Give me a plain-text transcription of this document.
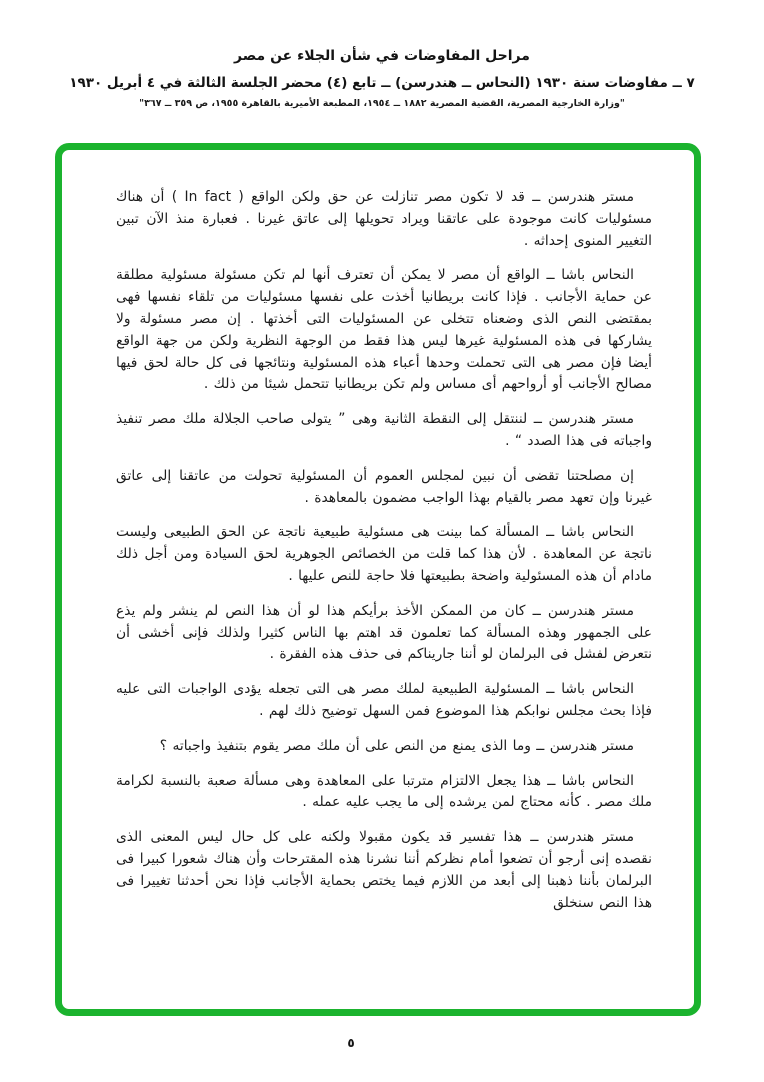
مراحل المفاوضات في شأن الجلاء عن مصر
٧ ــ مفاوضات سنة ١٩٣٠ (النحاس ــ هندرسن) ــ تابع (٤) محضر الجلسة الثالثة في ٤ أبريل ١٩٣٠
"وزارة الخارجية المصرية، القضية المصرية ١٨٨٢ ــ ١٩٥٤، المطبعة الأميرية بالقاهرة ١٩٥٥، ص ٣٥٩ ــ ٣٦٧"

مستر هندرسن ــ قد لا تكون مصر تنازلت عن حق ولكن الواقع ( In fact ) أن هناك مسئوليات كانت موجودة على عاتقنا ويراد تحويلها إلى عاتق غيرنا . فعبارة منذ الآن تبين التغيير المنوى إحداثه .

النحاس باشا ــ الواقع أن مصر لا يمكن أن تعترف أنها لم تكن مسئولة مسئولية مطلقة عن حماية الأجانب . فإذا كانت بريطانيا أخذت على نفسها مسئوليات من تلقاء نفسها فهى بمقتضى النص الذى وضعناه تتخلى عن المسئوليات التى أخذتها . إن مصر مسئولة ولا يشاركها فى هذه المسئولية غيرها ليس هذا فقط من الوجهة النظرية ولكن من جهة الواقع أيضا فإن مصر هى التى تحملت وحدها أعباء هذه المسئولية ونتائجها فى كل حالة لحق فيها مصالح الأجانب أو أرواحهم أى مساس ولم تكن بريطانيا تتحمل شيئا من ذلك .

مستر هندرسن ــ لننتقل إلى النقطة الثانية وهى ” يتولى صاحب الجلالة ملك مصر تنفيذ واجباته فى هذا الصدد “ .

إن مصلحتنا تقضى أن نبين لمجلس العموم أن المسئولية تحولت من عاتقنا إلى عاتق غيرنا وإن تعهد مصر بالقيام بهذا الواجب مضمون بالمعاهدة .

النحاس باشا ــ المسألة كما بينت هى مسئولية طبيعية ناتجة عن الحق الطبيعى وليست ناتجة عن المعاهدة . لأن هذا كما قلت من الخصائص الجوهرية لحق السيادة ومن أجل ذلك مادام أن هذه المسئولية واضحة بطبيعتها فلا حاجة للنص عليها .

مستر هندرسن ــ كان من الممكن الأخذ برأيكم هذا لو أن هذا النص لم ينشر ولم يذع على الجمهور وهذه المسألة كما تعلمون قد اهتم بها الناس كثيرا ولذلك فإنى أخشى أن نتعرض لفشل فى البرلمان لو أننا جاريناكم فى حذف هذه الفقرة .

النحاس باشا ــ المسئولية الطبيعية لملك مصر هى التى تجعله يؤدى الواجبات التى عليه فإذا بحث مجلس نوابكم هذا الموضوع فمن السهل توضيح ذلك لهم .

مستر هندرسن ــ وما الذى يمنع من النص على أن ملك مصر يقوم بتنفيذ واجباته ؟

النحاس باشا ــ هذا يجعل الالتزام مترتبا على المعاهدة وهى مسألة صعبة بالنسبة لكرامة ملك مصر . كأنه محتاج لمن يرشده إلى ما يجب عليه عمله .

مستر هندرسن ــ هذا تفسير قد يكون مقبولا ولكنه على كل حال ليس المعنى الذى نقصده إنى أرجو أن تضعوا أمام نظركم أننا نشرنا هذه المقترحات وأن هناك شعورا كبيرا فى البرلمان بأننا ذهبنا إلى أبعد من اللازم فيما يختص بحماية الأجانب فإذا نحن أحدثنا تغييرا فى هذا النص سنخلق

٥
